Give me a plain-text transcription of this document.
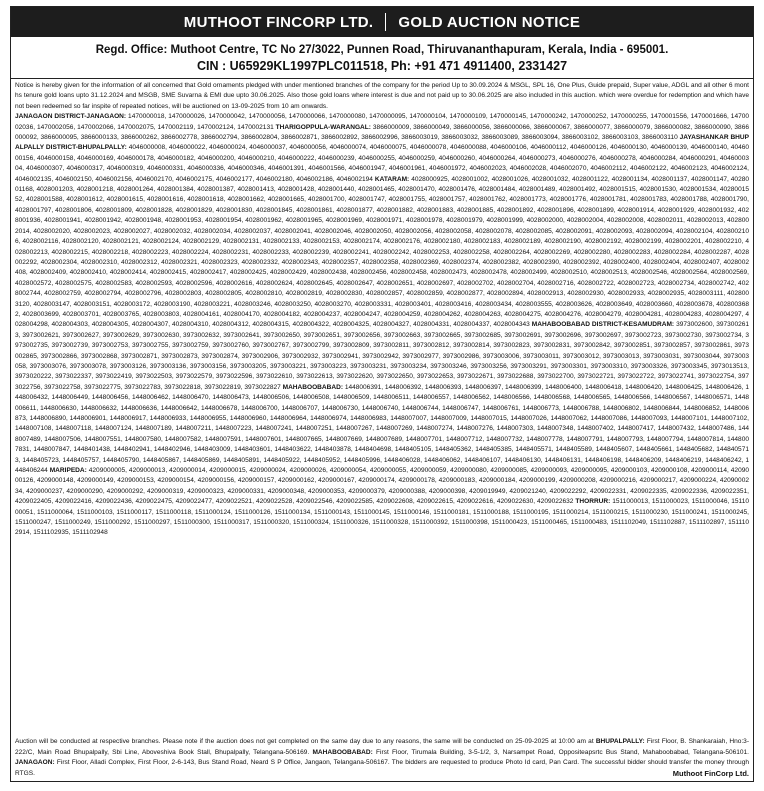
MUTHOOT FINCORP LTD. GOLD AUCTION NOTICE
Regd. Office: Muthoot Centre, TC No 27/3022, Punnen Road, Thiruvananthapuram, Kerala, India - 695001.
CIN : U65929KL1997PLC011518, Ph: +91 471 4911400, 2331427
Notice is hereby given for the information of all concerned that Gold ornaments pledged with under mentioned branches of the company for the period Up to 30.09.2024 & MSGL, SPL 16, One Plus, Guide prepaid, Super value, ADGL and all other 6 months tenure gold loans upto 31.12.2024 and MSGB, SME Suvarna & EMI due upto 30.06.2025. Also those gold loans where interest is due and not paid up to 30.06.2025 are also included in this auction. which were overdue for redemption and which have not been redeemed so far inspite of repeated notices, will be auctioned on 13-09-2025 from 10 am onwards.
JANAGAON DISTRICT-JANAGAON: 1470000018, 1470000026, 1470000042, 1470000056, 1470000066, 1470000080, 1470000095, 1470000104, 1470000109, 1470000145, 1470000242, 1470000252, 1470000255, 1470001556, 1470001666, 1470002036, 1470002056, 1470002066, 1470002075, 1470002119, 1470002124, 1470002131 THARIGOPPULA-WARANGAL: 3866000009, 3866000049, 3866000056, 3866000066, 3866000067, 3866000077, 3866000079, 3866000082, 3866000090, 3866000092, 3866000095, 3866000133, 3866000262, 3866002778, 3866002794, 3866002804, 3866002871, 3866002892, 3866002996, 3866003019, 3866003032, 3866003089, 3866003094, 3866003102, 3866003103, 3866003110 JAYASHANKAR BHUPALPALLY DISTRICT-BHUPALPALLY: 4046000008, 4046000022, 4046000024, 4046000037, 4046000056, 4046000074, 4046000075, 4046000078, 4046000088, 4046000106, 4046000112, 4046000126, 4046000130, 4046000139, 4046000140, 4046000156, 4046000158, 4046000169, 4046000178, 4046000182, 4046000200, 4046000210, 4046000222, 4046000239, 4046000255, 4046000259, 4046000260, 4046000264, 4046000273, 4046000276, 4046000278, 4046000284, 4046000291, 4046000304, 4046000307, 4046000317, 4046000319, 4046000331, 4046000336, 4046000346, 4046001391, 4046001566, 4046001947, 4046001961, 4046001972, 4046002023, 4046002028, 4046002070, 4046002112, 4046002122, 4046002123, 4046002124, 4046002135, 4046002150, 4046002156, 4046002170, 4046002175, 4046002177, 4046002180, 4046002186, 4046002194 KATARAM: 4028000925, 4028001002, 4028001026, 4028001032, 4028001122, 4028001134, 4028001137, 4028001147, 4028001168, 4028001203, 4028001218, 4028001264, 4028001384, 4028001387, 4028001413, 4028001428, 4028001440, 4028001465, 4028001470, 4028001476, 4028001484, 4028001489, 4028001492, 4028001515, 4028001530, 4028001534, 4028001552, 4028001588, 4028001612, 4028001615, 4028001616, 4028001618, 4028001662, 4028001665, 4028001700, 4028001747, 4028001755, 4028001757, 4028001762, 4028001773, 4028001776, 4028001781, 4028001783, 4028001788, 4028001790, 4028001797, 4028001806, 4028001809, 4028001828, 4028001829, 4028001830, 4028001845, 4028001861, 4028001877, 4028001882, 4028001883, 4028001885, 4028001892, 4028001896, 4028001899, 4028001914, 4028001929, 4028001932, 4028001936, 4028001941, 4028001942, 4028001948, 4028001953, 4028001954, 4028001962, 4028001965, 4028001969, 4028001971, 4028001978, 4028001979, 4028001999, 4028002000, 4028002004, 4028002008, 4028002011, 4028002013, 4028002014, 4028002020, 4028002023, 4028002027, 4028002032, 4028002034, 4028002037, 4028002041, 4028002046, 4028002050, 4028002056, 4028002058, 4028002078, 4028002085, 4028002091, 4028002093, 4028002094, 4028002104, 4028002106, 4028002116, 4028002120, 4028002121, 4028002124, 4028002129, 4028002131, 4028002133, 4028002153, 4028002174, 4028002176, 4028002180, 4028002183, 4028002189, 4028002190, 4028002192, 4028002199, 4028002201, 4028002210, 4028002213, 4028002215, 4028002218, 4028002223, 4028002224, 4028002231, 4028002233, 4028002239, 4028002241, 4028002242, 4028002253, 4028002258, 4028002264, 4028002269, 4028002280, 4028002283, 4028002284, 4028002287, 4028002292, 4028002304, 4028002310, 4028002312, 4028002321, 4028002323, 4028002332, 4028002343, 4028002357, 4028002358, 4028002369, 4028002374, 4028002382, 4028002390, 4028002392, 4028002400, 4028002404, 4028002407, 4028002408, 4028002409, 4028002410, 4028002414, 4028002415, 4028002417, 4028002425, 4028002429, 4028002438, 4028002456, 4028002458, 4028002473, 4028002478, 4028002499, 4028002510, 4028002513, 4028002546, 4028002564, 4028002569, 4028002572, 4028002575, 4028002583, 4028002593, 4028002596, 4028002616, 4028002624, 4028002645, 4028002647, 4028002651, 4028002697, 4028002702, 4028002704, 4028002716, 4028002722, 4028002723, 4028002734, 4028002742, 4028002744, 4028002759, 4028002794, 4028002796, 4028002803, 4028002805, 4028002810, 4028002819, 4028002830, 4028002857, 4028002859, 4028002877, 4028002894, 4028002913, 4028002930, 4028002933, 4028002935, 4028003111, 4028003120, 4028003147, 4028003151, 4028003172, 4028003190, 4028003221, 4028003246, 4028003250, 4028003270, 4028003331, 4028003401, 4028003416, 4028003434, 4028003555, 4028003626, 4028003649, 4028003660, 4028003678, 4028003682, 4028003699, 4028003701, 4028003765, 4028003803, 4028004161, 4028004170, 4028004182, 4028004237, 4028004247, 4028004259, 4028004262, 4028004263, 4028004275, 4028004276, 4028004279, 4028004281, 4028004283, 4028004297, 4028004298, 4028004303, 4028004305, 4028004307, 4028004310, 4028004312, 4028004315, 4028004322, 4028004325, 4028004327, 4028004331, 4028004337, 4028004343 MAHABOOBABAD DISTRICT-KESAMUDRAM: 3973002600, 3973002613, 3973002621, 3973002627, 3973002629, 3973002630, 3973002632, 3973002641, 3973002650, 3973002651, 3973002656, 3973002663, 3973002665, 3973002685, 3973002691, 3973002696, 3973002697, 3973002723, 3973002730, 3973002734, 3973002735, 3973002739, 3973002753, 3973002755, 3973002759, 3973002760, 3973002767, 3973002799, 3973002809, 3973002811, 3973002812, 3973002814, 3973002823, 3973002831, 3973002842, 3973002851, 3973002857, 3973002861, 3973002865, 3973002866, 3973002868, 3973002871, 3973002873, 3973002874, 3973002906, 3973002932, 3973002941, 3973002942, 3973002977, 3973002986, 3973003006, 3973003011, 3973003012, 3973003013, 3973003031, 3973003044, 3973003058, 3973003076, 3973003078, 3973003126, 3973003136, 3973003156, 3973003205, 3973003221, 3973003223, 3973003231, 3973003234, 3973003246, 3973003256, 3973003291, 3973003301, 3973003310, 3973003326, 3973003345, 3973013513, 3973020222, 3973022337, 3973022419, 3973022503, 3973022579, 3973022596, 3973022610, 3973022613, 3973022620, 3973022650, 3973022653, 3973022671, 3973022688, 3973022700, 3973022721, 3973022722, 3973022741, 3973022754, 3973022756, 3973022758, 3973022775, 3973022783, 3973022818, 3973022819, 3973022827 MAHABOOBABAD: 1448006391, 1448006392, 1448006393, 1448006397, 1448006399, 1448006400, 1448006418, 1448006420, 1448006425, 1448006426, 1448006432, 1448006449, 1448006456, 1448006462, 1448006470, 1448006473, 1448006506, 1448006508, 1448006509, 1448006511, 1448006557, 1448006562, 1448006566, 1448006568, 1448006565, 1448006566, 1448006567, 1448006571, 1448006611, 1448006630, 1448006632, 1448006636, 1448006642, 1448006678, 1448006700, 1448006707, 1448006730, 1448006740, 1448006744, 1448006747, 1448006761, 1448006773, 1448006788, 1448006802, 1448006844, 1448006852, 1448006873, 1448006890, 1448006901, 1448006917, 1448006933, 1448006955, 1448006960, 1448006964, 1448006974, 1448006983, 1448007007, 1448007009, 1448007015, 1448007026, 1448007062, 1448007086, 1448007093, 1448007101, 1448007102, 1448007108, 1448007118, 1448007124, 1448007189, 1448007211, 1448007223, 1448007241, 1448007251, 1448007267, 1448007269, 1448007274, 1448007276, 1448007303, 1448007348, 1448007402, 1448007417, 1448007432, 1448007486, 1448007489, 1448007506, 1448007551, 1448007580, 1448007582, 1448007591, 1448007601, 1448007665, 1448007669, 1448007689, 1448007701, 1448007712, 1448007732, 1448007778, 1448007791, 1448007793, 1448007794, 1448007814, 1448007831, 1448007847, 1448401438, 1448402941, 1448402946, 1448403009, 1448403601, 1448403622, 1448403878, 1448404698, 1448405105, 1448405362, 1448405385, 1448405571, 1448405589, 1448405607, 1448405661, 1448405682, 1448405713, 1448405723, 1448405757, 1448405790, 1448405867, 1448405869, 1448405891, 1448405922, 1448405952, 1448405996, 1448406028, 1448406062, 1448406107, 1448406130, 1448406131, 1448406198, 1448406209, 1448406219, 1448406242, 1448406244 MARIPEDA: 4209000005, 4209000013, 4209000014, 4209000015, 4209000024, 4209000026, 4209000054, 4209000055, 4209000059, 4209000080, 4209000085, 4209000093, 4209000095, 4209000103, 4209000108, 4209000114, 4209000126, 4209000148, 4209000149, 4209000153, 4209000154, 4209000156, 4209000157, 4209000162, 4209000167, 4209000174, 4209000178, 4209000183, 4209000184, 4209000199, 4209000208, 4209000216, 4209000217, 4209000224, 4209000234, 4209000237, 4209000290, 4209000292, 4209000319, 4209000323, 4209000331, 4209000348, 4209000353, 4209000379, 4209000388, 4209000398, 4209019949, 4209021240, 4209022292, 4209022331, 4209022335, 4209022336, 4209022351, 4209022405, 4209022416, 4209022436, 4209022475, 4209022477, 4209022521, 4209022528, 4209022546, 4209022585, 4209022608, 4209022615, 4209022616, 4209022630, 4209022632 THORRUR: 1511000013, 1511000023, 1511000046, 1511000051, 1511000064, 1511000103, 1511000117, 1511000118, 1511000124, 1511000126, 1511000134, 1511000143, 1511000145, 1511000146, 1511000181, 1511000188, 1511000195, 1511000214, 1511000215, 1511000230, 1511000241, 1511000245, 1511000247, 1511000249, 1511000292, 1511000297, 1511000300, 1511000317, 1511000320, 1511000324, 1511000326, 1511000328, 1511000392, 1511000398, 1511000423, 1511000465, 1511000483, 1511102049, 1511102887, 1511102897, 1511102914, 1511102935, 1511102948
Auction will be conducted at respective branches. Please note if the auction does not get completed on the same day due to any reasons, the same will be conducted on 25-09-2025 at 10:00 am at BHUPALPALLY: First Floor, B. Shankaraiah, Hno:3-222/C, Main Road Bhupalpally, Sbi Line, Aboveshiva Book Stall, Bhupalpally, Telangana-506169. MAHABOOBABAD: First Floor, Tirumala Building, 3-5-1/2, 3, Narsampet Road, Oppositeapsrtc Bus Stand, Mahaboobabad, Telangana-506101. JANAGAON: First Floor, Alladi Complex, First Floor, 2-6-143, Bus Stand Road, Neard S P Office, Jangaon, Telangana-506167. The bidders are requested to produce Photo Id card, Pan Card. The successful bidder should transfer the money through RTGS.	Muthoot FinCorp Ltd.
